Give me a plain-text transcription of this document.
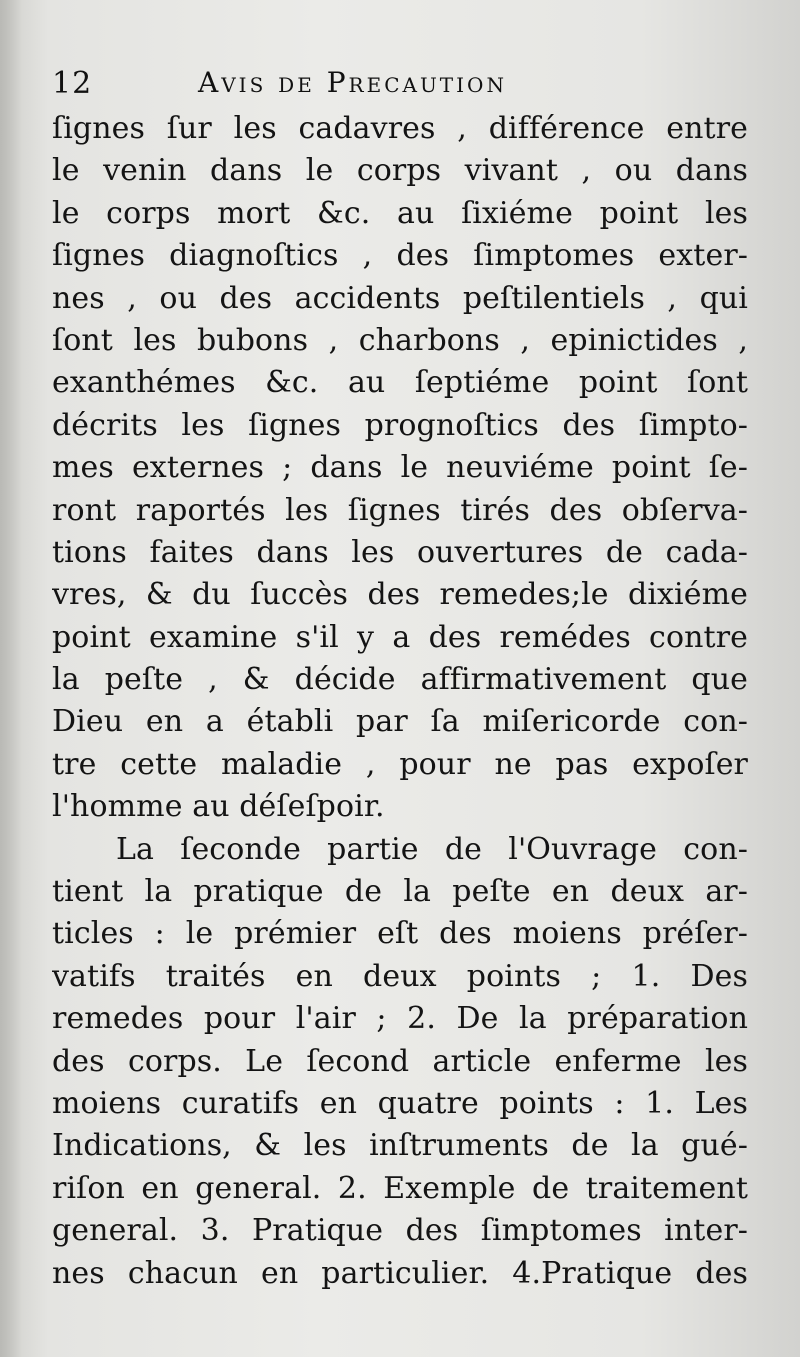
12	Avis de Precaution
ſignes ſur les cadavres , différence entre
le venin dans le corps vivant , ou dans
le corps mort &c. au ſixiéme point les
ſignes diagnoſtics , des ſimptomes exter-
nes , ou des accidents peſtilentiels , qui
ſont les bubons , charbons , epinictides ,
exanthémes &c. au ſeptiéme point ſont
décrits les ſignes prognoſtics des ſimpto-
mes externes ; dans le neuviéme point ſe-
ront raportés les ſignes tirés des obſerva-
tions faites dans les ouvertures de cada-
vres, & du ſuccès des remedes;le dixiéme
point examine s'il y a des remédes contre
la peſte , & décide affirmativement que
Dieu en a établi par ſa miſericorde con-
tre cette maladie , pour ne pas expoſer
l'homme au déſeſpoir.
La ſeconde partie de l'Ouvrage con-
tient la pratique de la peſte en deux ar-
ticles : le prémier eſt des moiens préſer-
vatifs traités en deux points ; 1. Des
remedes pour l'air ; 2. De la préparation
des corps. Le ſecond article enferme les
moiens curatifs en quatre points : 1. Les
Indications, & les inſtruments de la gué-
riſon en general. 2. Exemple de traitement
general. 3. Pratique des ſimptomes inter-
nes chacun en particulier. 4.Pratique des
